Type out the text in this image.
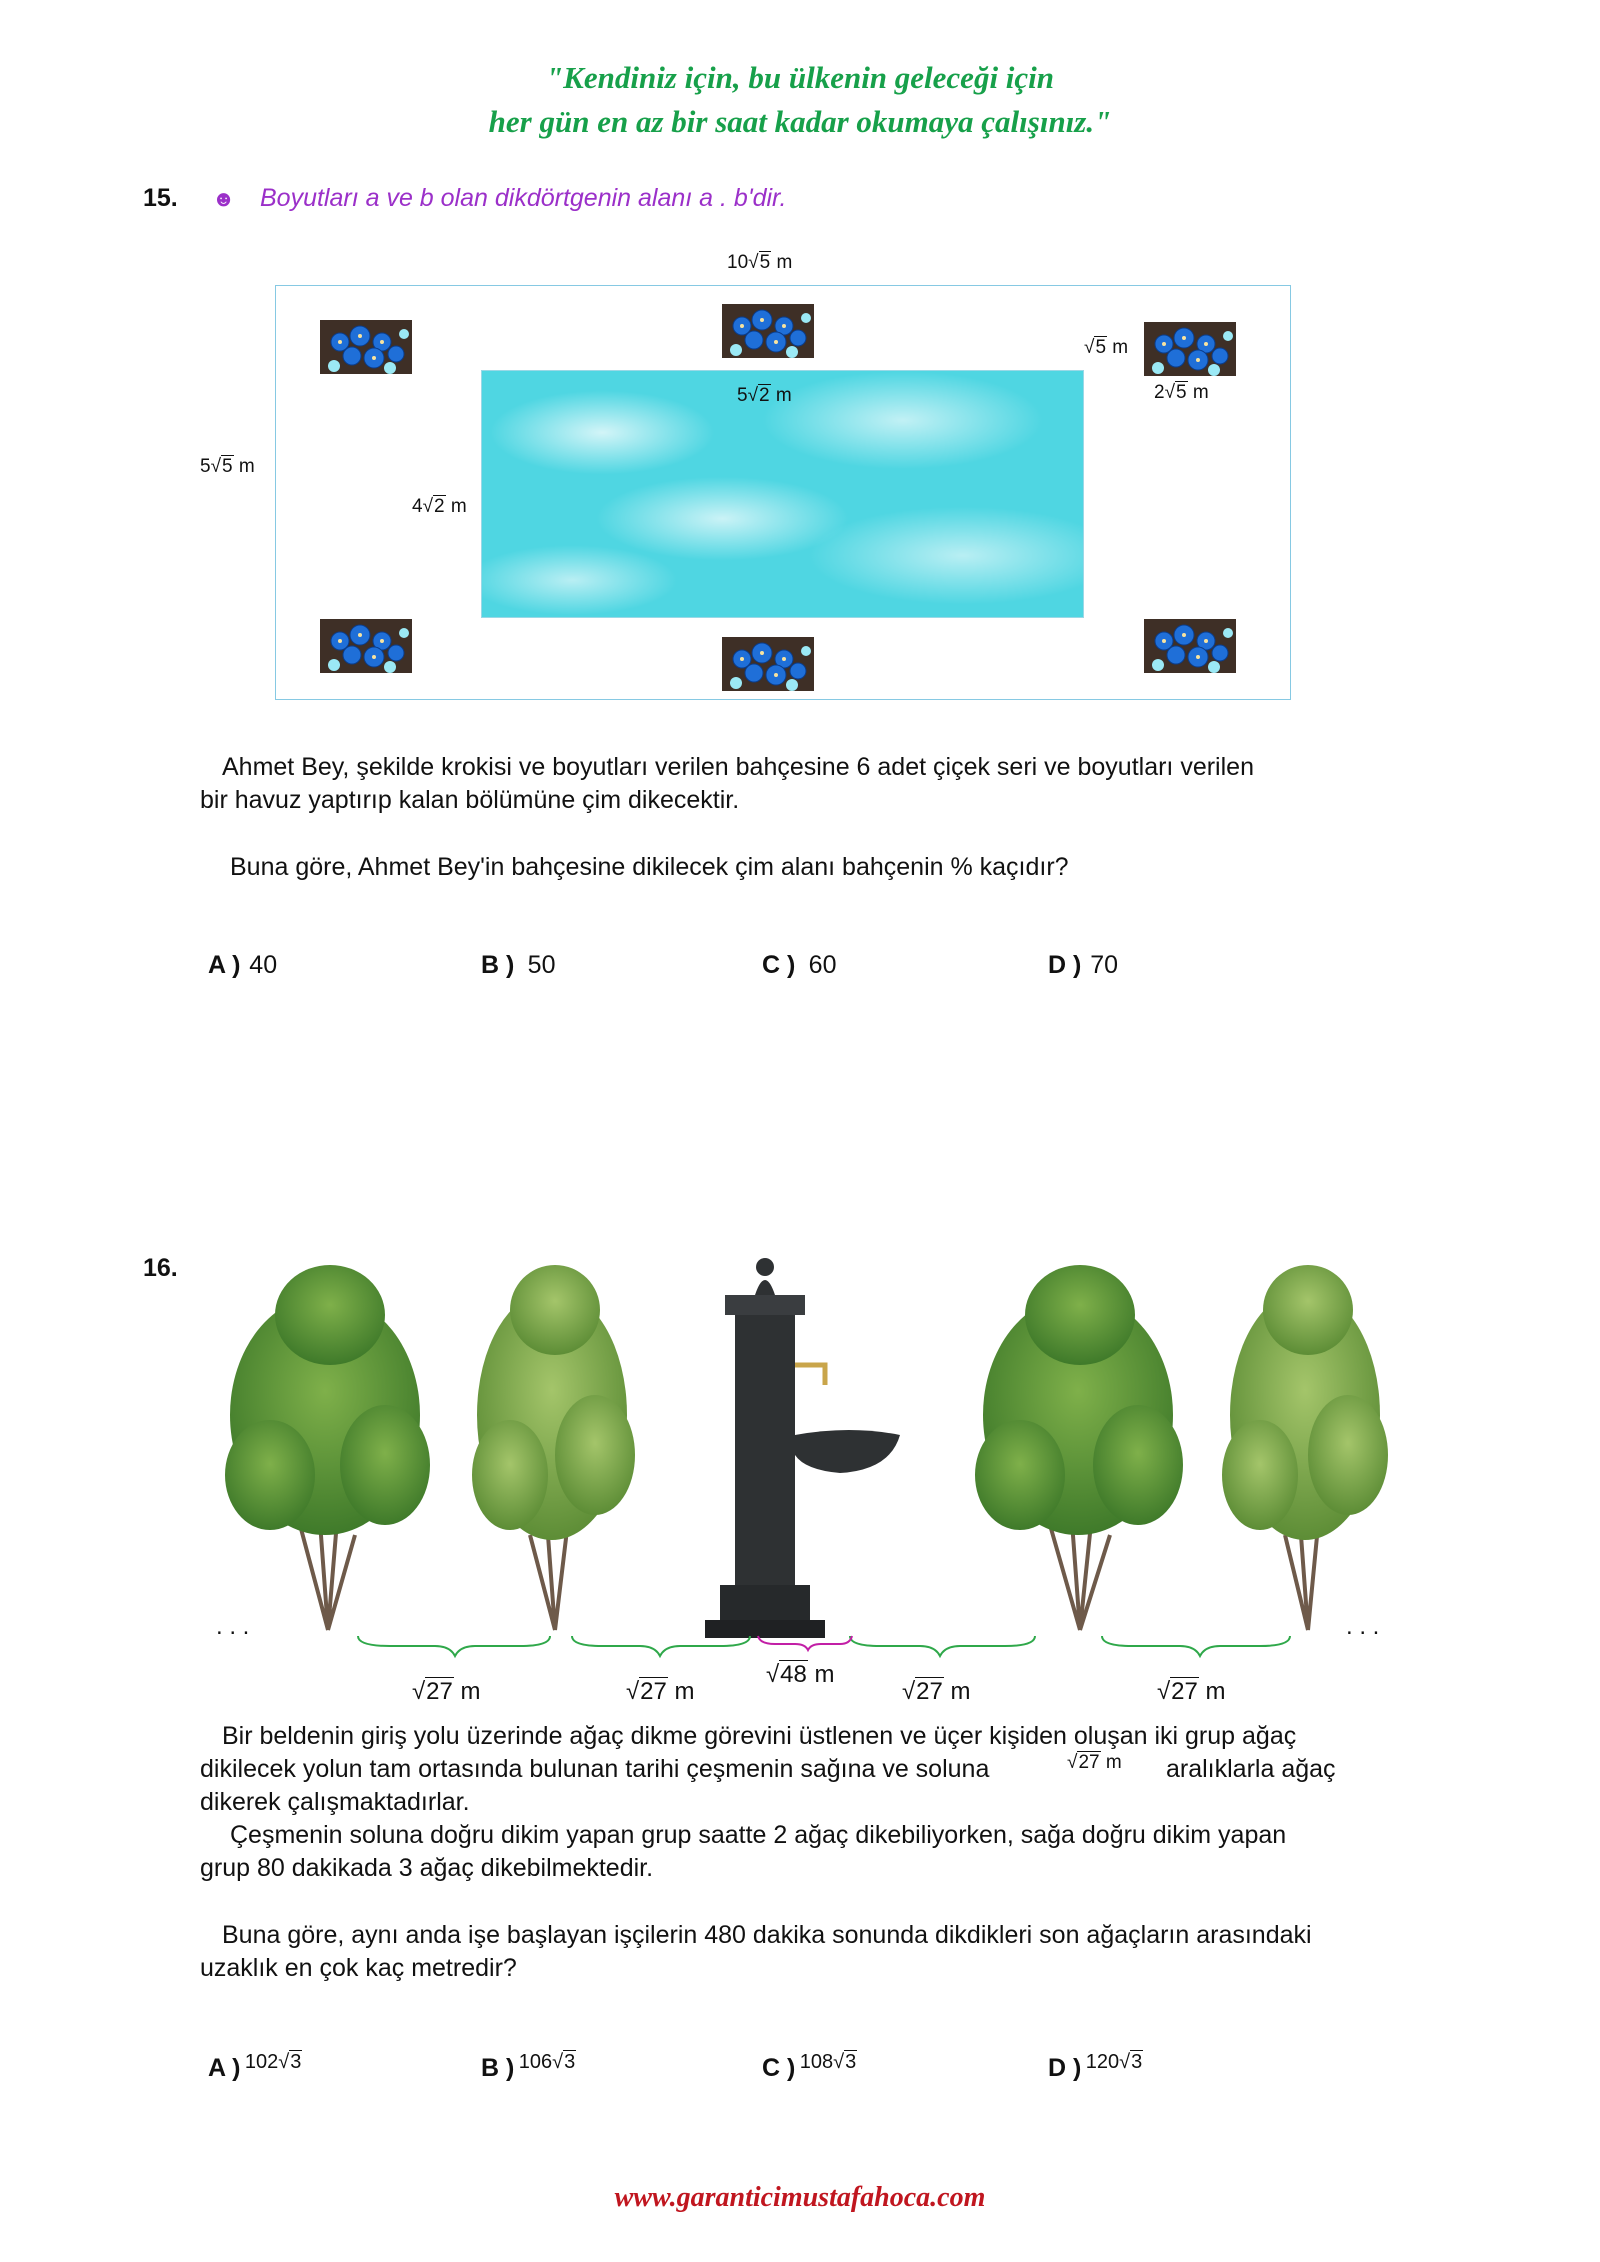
"Kendiniz için, bu ülkenin geleceği için
her gün en az bir saat kadar okumaya çalışınız."
15. ☻ Boyutları a ve b olan dikdörtgenin alanı a . b'dir.
10√5 m
5√5 m
5√2 m
4√2 m
√5 m
2√5 m
Ahmet Bey, şekilde krokisi ve boyutları verilen bahçesine 6 adet çiçek seri ve boyutları verilen
bir havuz yaptırıp kalan bölümüne çim dikecektir.
Buna göre, Ahmet Bey'in bahçesine dikilecek çim alanı bahçenin % kaçıdır?
A ) 40	B ) 50	C ) 60	D ) 70
16.
. . .	. . .
√27 m	√27 m
√48 m
√27 m	√27 m
Bir beldenin giriş yolu üzerinde ağaç dikme görevini üstlenen ve üçer kişiden oluşan iki grup ağaç
dikilecek yolun tam ortasında bulunan tarihi çeşmenin sağına ve soluna	√27 m aralıklarla ağaç
dikerek çalışmaktadırlar.
Çeşmenin soluna doğru dikim yapan grup saatte 2 ağaç dikebiliyorken, sağa doğru dikim yapan
grup 80 dakikada 3 ağaç dikebilmektedir.
Buna göre, aynı anda işe başlayan işçilerin 480 dakika sonunda dikdikleri son ağaçların arasındaki
uzaklık en çok kaç metredir?
A ) 102√3	B ) 106√3	C ) 108√3	D ) 120√3
www.garanticimustafahoca.com
